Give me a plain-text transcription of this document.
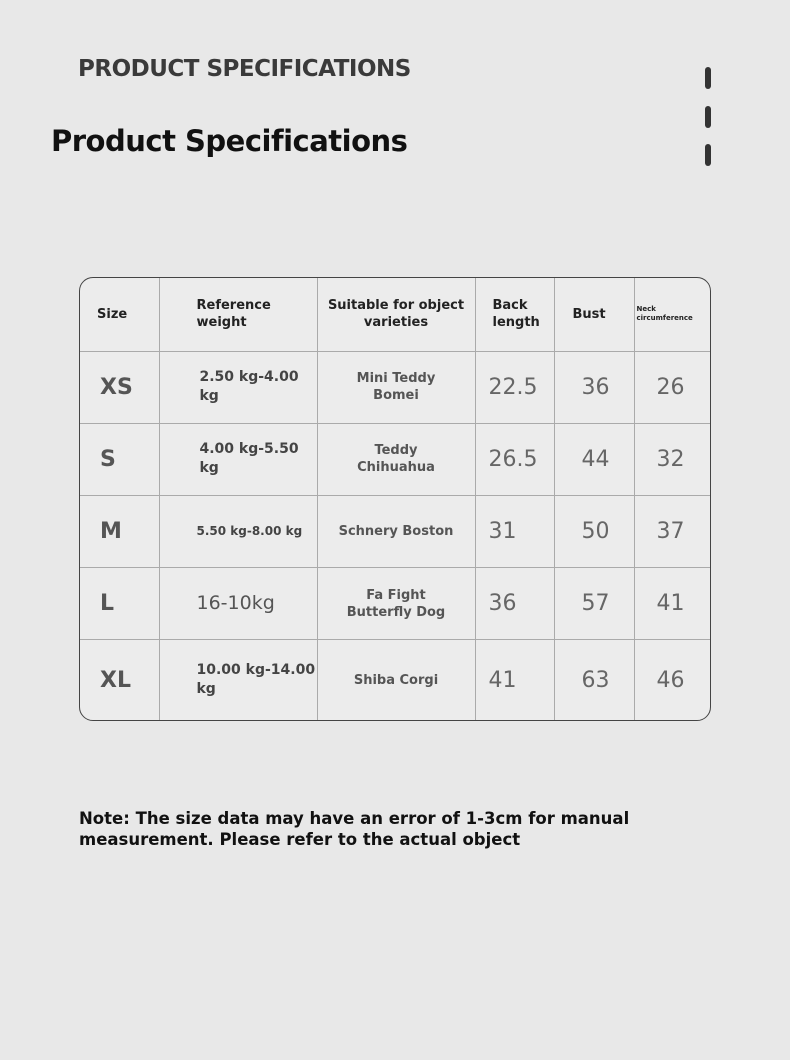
PRODUCT SPECIFICATIONS
Product Specifications
Size	Reference weight	Suitable for object varieties	Back length	Bust	Neck circumference
XS	2.50 kg-4.00 kg	Mini Teddy Bomei	22.5	36	26
S	4.00 kg-5.50 kg	Teddy Chihuahua	26.5	44	32
M	5.50 kg-8.00 kg	Schnery Boston	31	50	37
L	16-10kg	Fa Fight Butterfly Dog	36	57	41
XL	10.00 kg-14.00 kg	Shiba Corgi	41	63	46
Note: The size data may have an error of 1-3cm for manual measurement. Please refer to the actual object
